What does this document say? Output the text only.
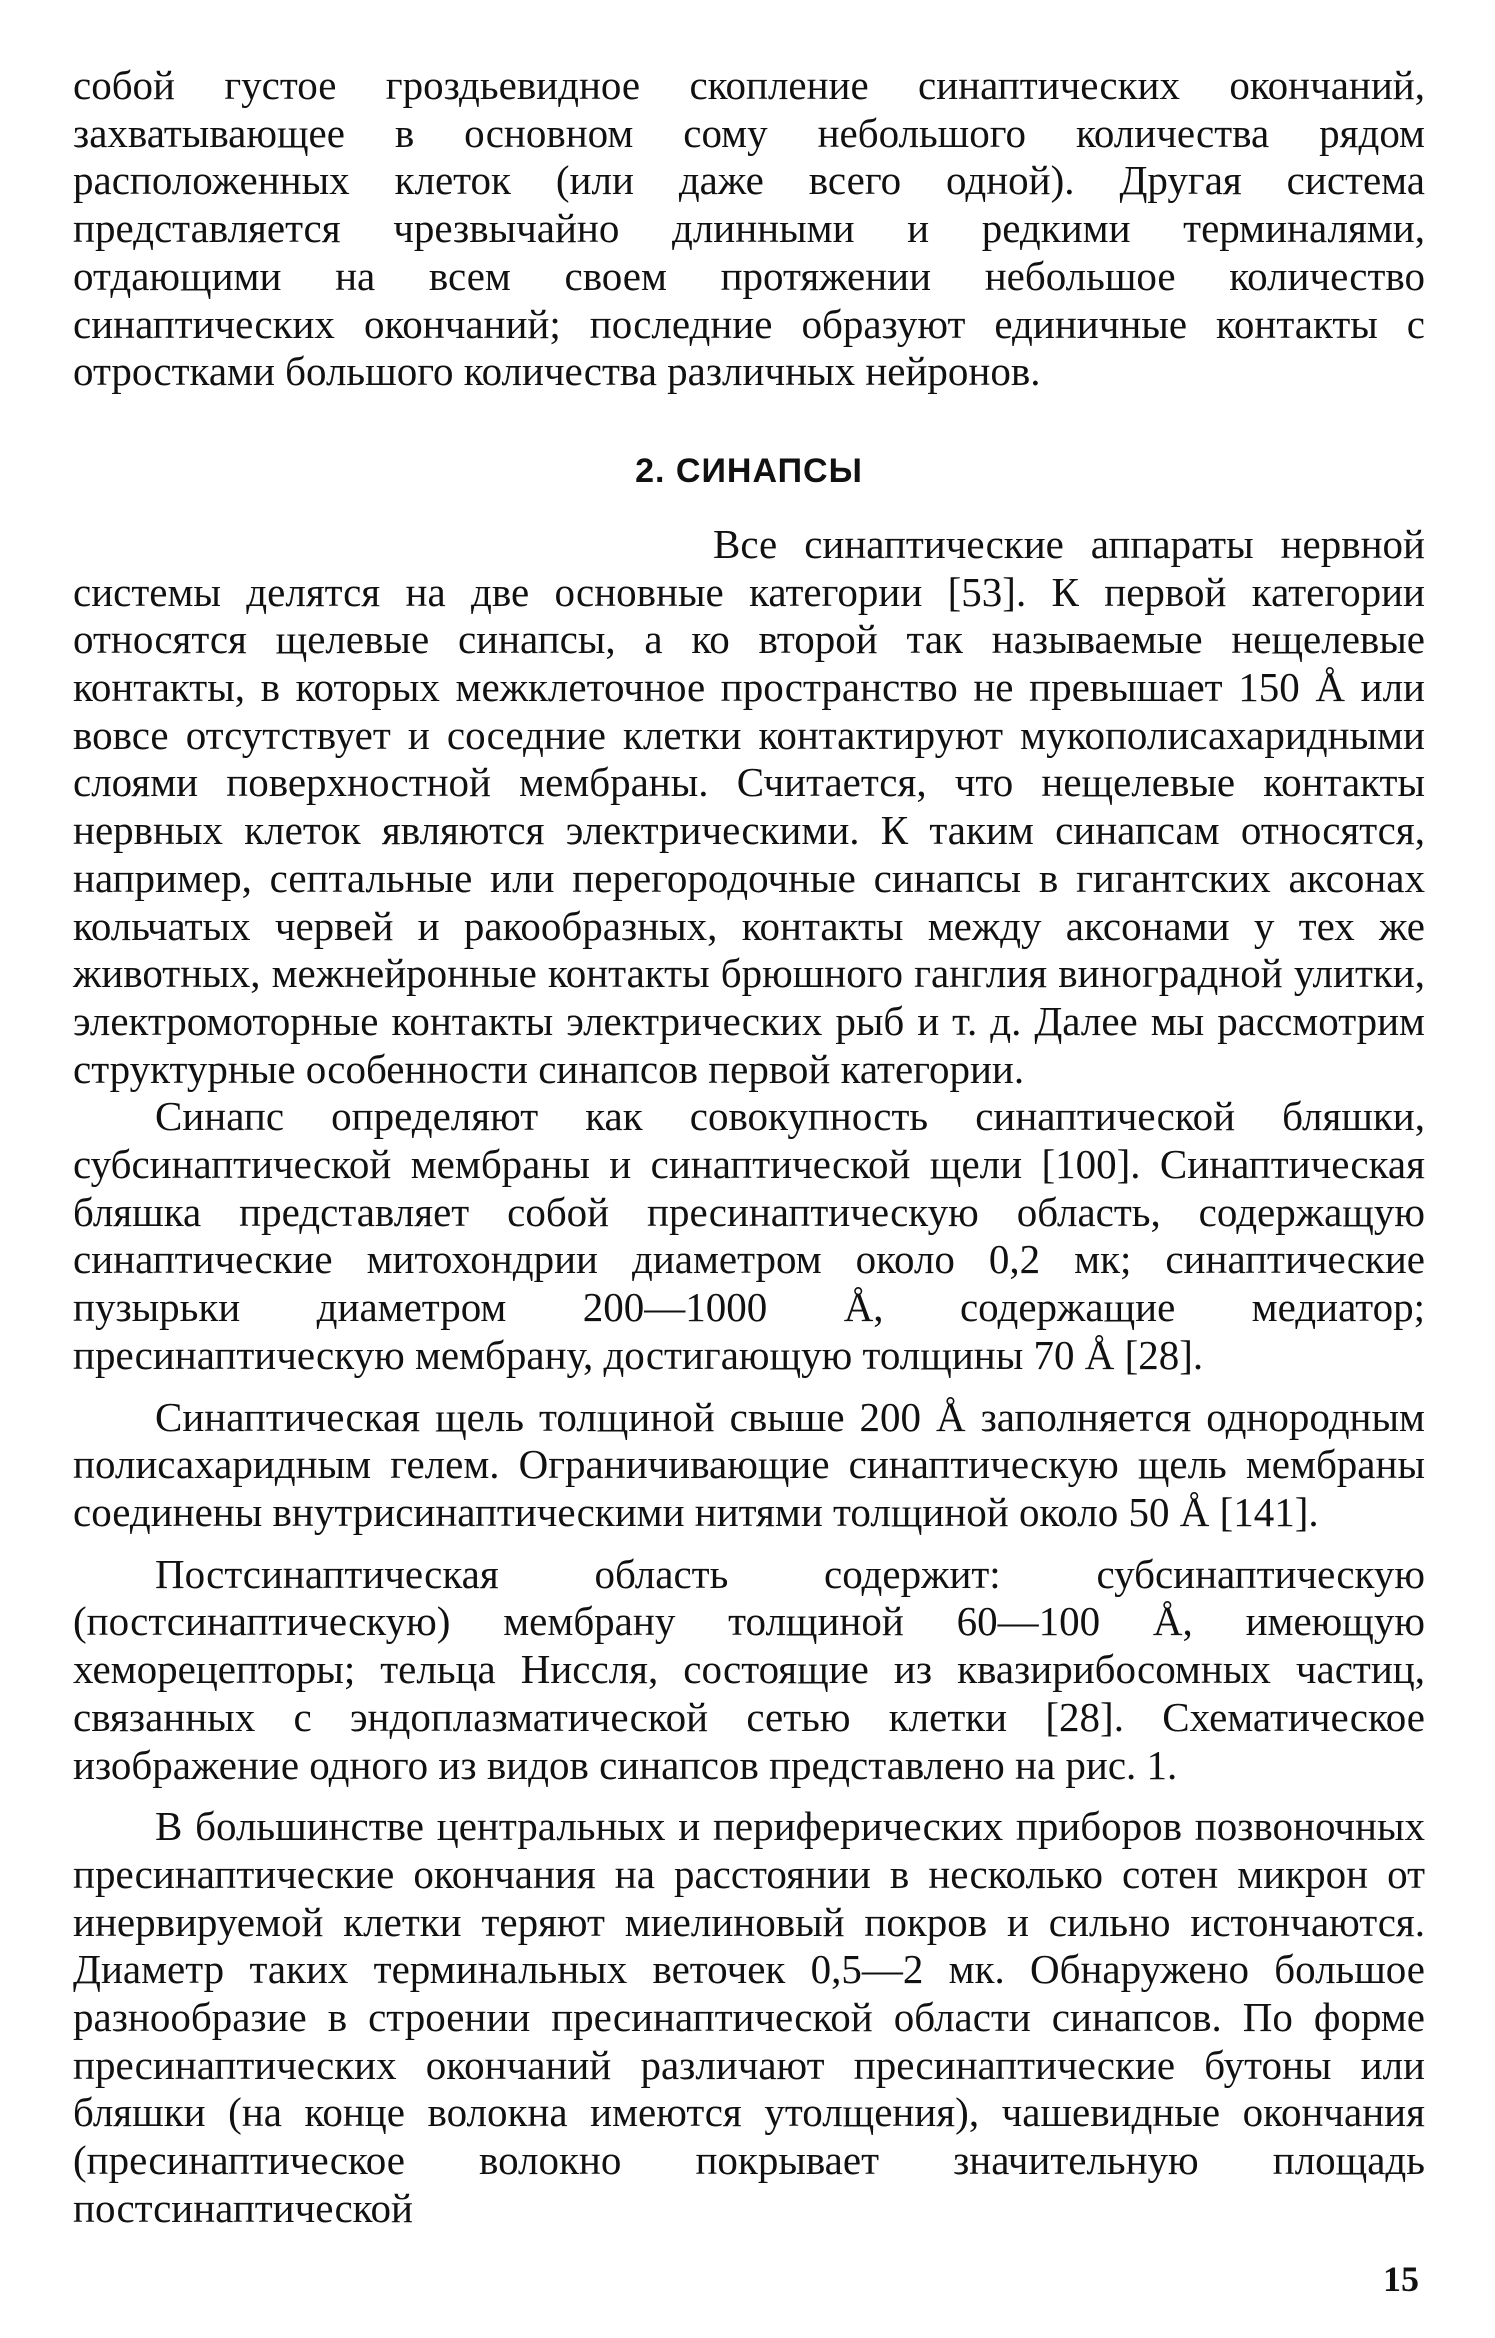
собой густое гроздьевидное скопление синаптических окончаний, захватывающее в основном сому небольшого количества рядом расположенных клеток (или даже всего одной). Другая система представляется чрезвычайно длинными и редкими терминалями, отдающими на всем своем протяжении небольшое количество синаптических окончаний; последние образуют единичные контакты с отростками большого количества различных нейронов.

2. СИНАПСЫ

Все синаптические аппараты нервной системы делятся на две основные категории [53]. К первой категории относятся щелевые синапсы, а ко второй так называемые нещелевые контакты, в которых межклеточное пространство не превышает 150 Å или вовсе отсутствует и соседние клетки контактируют мукополисахаридными слоями поверхностной мембраны. Считается, что нещелевые контакты нервных клеток являются электрическими. К таким синапсам относятся, например, септальные или перегородочные синапсы в гигантских аксонах кольчатых червей и ракообразных, контакты между аксонами у тех же животных, межнейронные контакты брюшного ганглия виноградной улитки, электромоторные контакты электрических рыб и т. д. Далее мы рассмотрим структурные особенности синапсов первой категории.

Синапс определяют как совокупность синаптической бляшки, субсинаптической мембраны и синаптической щели [100]. Синаптическая бляшка представляет собой пресинаптическую область, содержащую синаптические митохондрии диаметром около 0,2 мк; синаптические пузырьки диаметром 200—1000 Å, содержащие медиатор; пресинаптическую мембрану, достигающую толщины 70 Å [28].

Синаптическая щель толщиной свыше 200 Å заполняется однородным полисахаридным гелем. Ограничивающие синаптическую щель мембраны соединены внутрисинаптическими нитями толщиной около 50 Å [141].

Постсинаптическая область содержит: субсинаптическую (постсинаптическую) мембрану толщиной 60—100 Å, имеющую хеморецепторы; тельца Ниссля, состоящие из квазирибосомных частиц, связанных с эндоплазматической сетью клетки [28]. Схематическое изображение одного из видов синапсов представлено на рис. 1.

В большинстве центральных и периферических приборов позвоночных пресинаптические окончания на расстоянии в несколько сотен микрон от инервируемой клетки теряют миелиновый покров и сильно истончаются. Диаметр таких терминальных веточек 0,5—2 мк. Обнаружено большое разнообразие в строении пресинаптической области синапсов. По форме пресинаптических окончаний различают пресинаптические бутоны или бляшки (на конце волокна имеются утолщения), чашевидные окончания (пресинаптическое волокно покрывает значительную площадь постсинаптической

15
